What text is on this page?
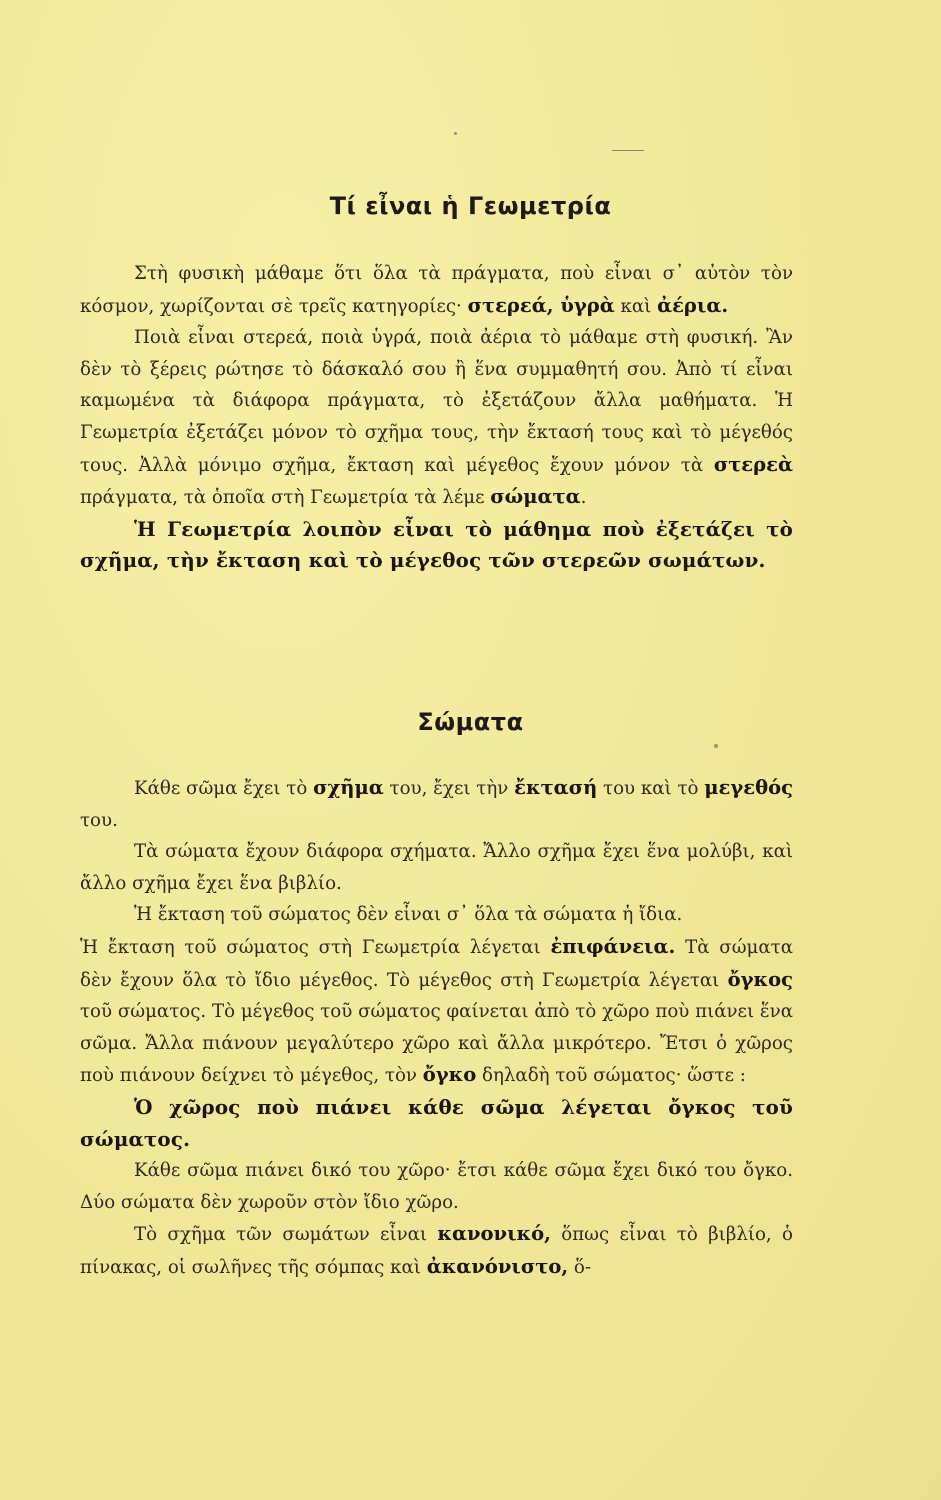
Τί εἶναι ἡ Γεωμετρία

Στὴ φυσικὴ μάθαμε ὅτι ὅλα τὰ πράγματα, ποὺ εἶναι σ᾿ αὐτὸν τὸν κόσμον, χωρίζονται σὲ τρεῖς κατηγορίες· στερεά, ὑγρὰ καὶ ἀέρια.

Ποιὰ εἶναι στερεά, ποιὰ ὑγρά, ποιὰ ἀέρια τὸ μάθαμε στὴ φυσική. Ἂν δὲν τὸ ξέρεις ρώτησε τὸ δάσκαλό σου ἢ ἕνα συμμαθητή σου. Ἀπὸ τί εἶναι καμωμένα τὰ διάφορα πράγματα, τὸ ἐξετάζουν ἄλλα μαθήματα. Ἡ Γεωμετρία ἐξετάζει μόνον τὸ σχῆμα τους, τὴν ἔκτασή τους καὶ τὸ μέγεθός τους. Ἀλλὰ μόνιμο σχῆμα, ἔκταση καὶ μέγεθος ἔχουν μόνον τὰ στερεὰ πράγματα, τὰ ὁποῖα στὴ Γεωμετρία τὰ λέμε σώματα.

Ἡ Γεωμετρία λοιπὸν εἶναι τὸ μάθημα ποὺ ἐξετάζει τὸ σχῆμα, τὴν ἔκταση καὶ τὸ μέγεθος τῶν στερεῶν σωμάτων.

Σώματα

Κάθε σῶμα ἔχει τὸ σχῆμα του, ἔχει τὴν ἔκτασή του καὶ τὸ μεγεθός του.

Τὰ σώματα ἔχουν διάφορα σχήματα. Ἄλλο σχῆμα ἔχει ἕνα μολύβι, καὶ ἄλλο σχῆμα ἔχει ἕνα βιβλίο.

Ἡ ἔκταση τοῦ σώματος δὲν εἶναι σ᾿ ὅλα τὰ σώματα ἡ ἴδια.

Ἡ ἔκταση τοῦ σώματος στὴ Γεωμετρία λέγεται ἐπιφάνεια. Τὰ σώματα δὲν ἔχουν ὅλα τὸ ἴδιο μέγεθος. Τὸ μέγεθος στὴ Γεωμετρία λέγεται ὄγκος τοῦ σώματος. Τὸ μέγεθος τοῦ σώματος φαίνεται ἀπὸ τὸ χῶρο ποὺ πιάνει ἕνα σῶμα. Ἄλλα πιάνουν μεγαλύτερο χῶρο καὶ ἄλλα μικρότερο. Ἔτσι ὁ χῶρος ποὺ πιάνουν δείχνει τὸ μέγεθος, τὸν ὄγκο δηλαδὴ τοῦ σώματος· ὥστε :

Ὁ χῶρος ποὺ πιάνει κάθε σῶμα λέγεται ὄγκος τοῦ σώματος.

Κάθε σῶμα πιάνει δικό του χῶρο· ἔτσι κάθε σῶμα ἔχει δικό του ὄγκο. Δύο σώματα δὲν χωροῦν στὸν ἴδιο χῶρο.

Τὸ σχῆμα τῶν σωμάτων εἶναι κανονικό, ὅπως εἶναι τὸ βιβλίο, ὁ πίνακας, οἱ σωλῆνες τῆς σόμπας καὶ ἀκανόνιστο, ὅ-
